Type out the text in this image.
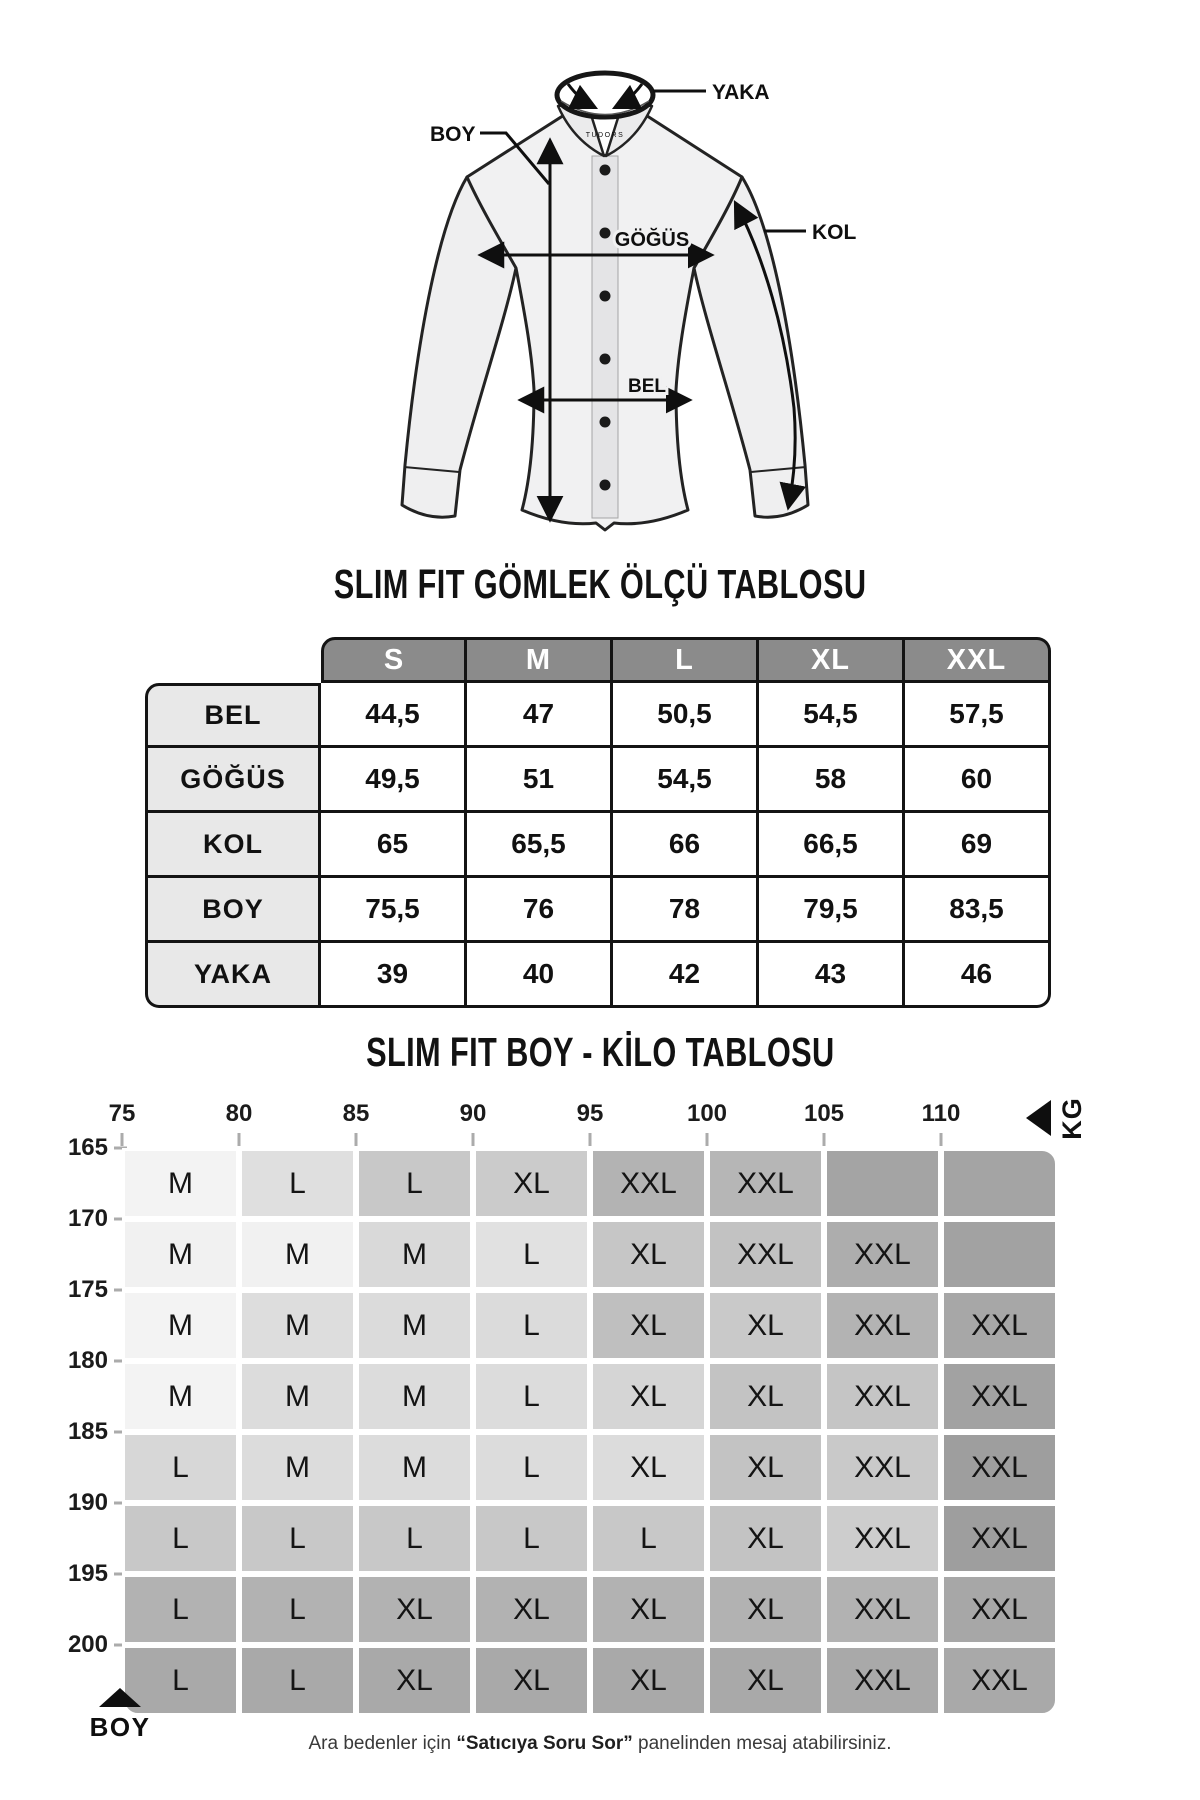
TUDORS
YAKA
BOY
KOL
GÖĞÜS
BEL
SLIM FIT GÖMLEK ÖLÇÜ TABLOSU
	S	M	L	XL	XXL
BEL	44,5	47	50,5	54,5	57,5
GÖĞÜS	49,5	51	54,5	58	60
KOL	65	65,5	66	66,5	69
BOY	75,5	76	78	79,5	83,5
YAKA	39	40	42	43	46
SLIM FIT BOY - KİLO TABLOSU
75	80	85	90	95	100	105	110	KG
165
170
175
180
185
190
195
200
M	L	L	XL	XXL	XXL
M	M	M	L	XL	XXL	XXL
M	M	M	L	XL	XL	XXL	XXL
M	M	M	L	XL	XL	XXL	XXL
L	M	M	L	XL	XL	XXL	XXL
L	L	L	L	L	XL	XXL	XXL
L	L	XL	XL	XL	XL	XXL	XXL
L	L	XL	XL	XL	XL	XXL	XXL
BOY
Ara bedenler için “Satıcıya Soru Sor” panelinden mesaj atabilirsiniz.
